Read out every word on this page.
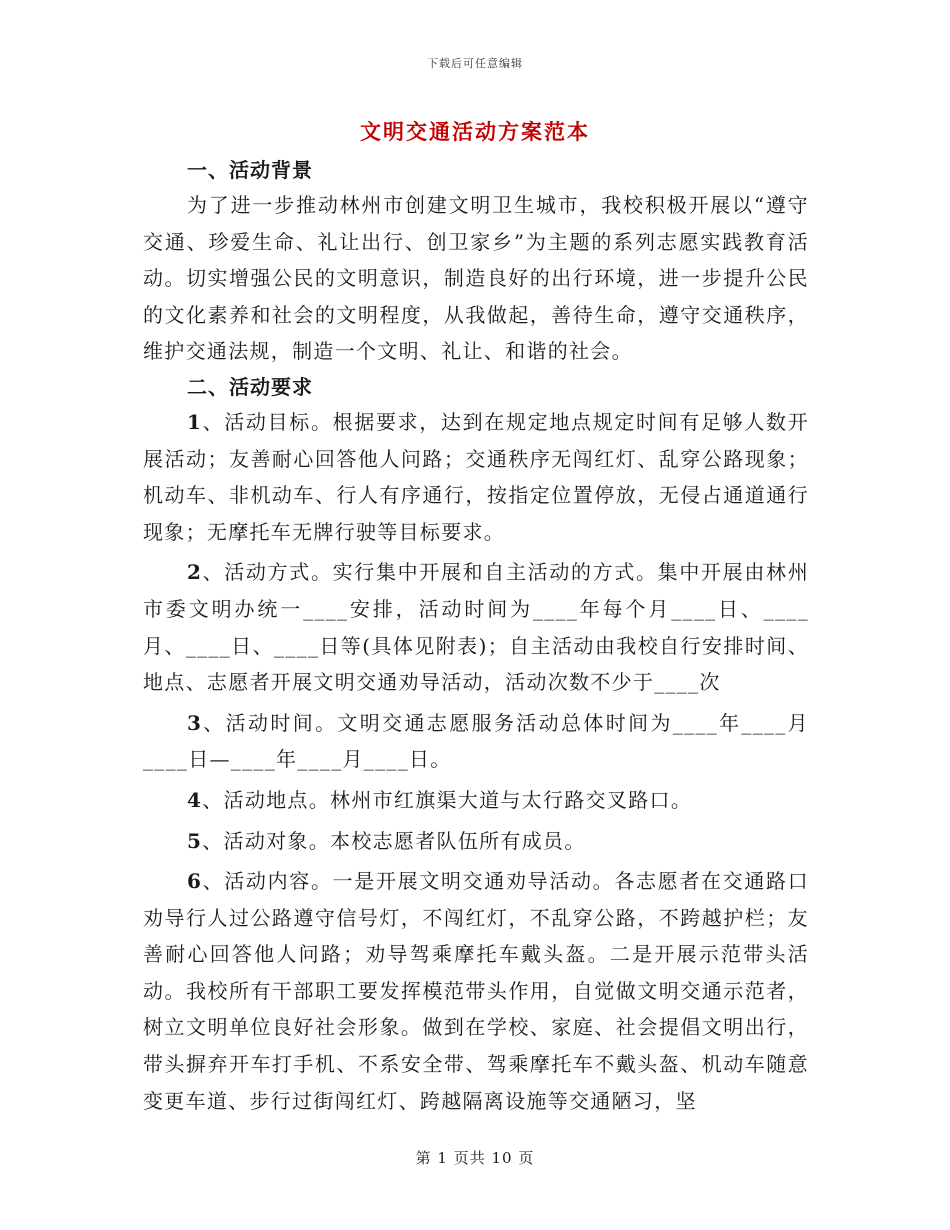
下载后可任意编辑
文明交通活动方案范本
一、活动背景

为了进一步推动林州市创建文明卫生城市，我校积极开展以“遵守交通、珍爱生命、礼让出行、创卫家乡”为主题的系列志愿实践教育活动。切实增强公民的文明意识，制造良好的出行环境，进一步提升公民的文化素养和社会的文明程度，从我做起，善待生命，遵守交通秩序，维护交通法规，制造一个文明、礼让、和谐的社会。

二、活动要求

1、活动目标。根据要求，达到在规定地点规定时间有足够人数开展活动；友善耐心回答他人问路；交通秩序无闯红灯、乱穿公路现象；机动车、非机动车、行人有序通行，按指定位置停放，无侵占通道通行现象；无摩托车无牌行驶等目标要求。

2、活动方式。实行集中开展和自主活动的方式。集中开展由林州市委文明办统一____安排，活动时间为____年每个月____日、____月、____日、____日等(具体见附表)；自主活动由我校自行安排时间、地点、志愿者开展文明交通劝导活动，活动次数不少于____次

3、活动时间。文明交通志愿服务活动总体时间为____年____月____日—____年____月____日。

4、活动地点。林州市红旗渠大道与太行路交叉路口。

5、活动对象。本校志愿者队伍所有成员。

6、活动内容。一是开展文明交通劝导活动。各志愿者在交通路口劝导行人过公路遵守信号灯，不闯红灯，不乱穿公路，不跨越护栏；友善耐心回答他人问路；劝导驾乘摩托车戴头盔。二是开展示范带头活动。我校所有干部职工要发挥模范带头作用，自觉做文明交通示范者，树立文明单位良好社会形象。做到在学校、家庭、社会提倡文明出行，带头摒弃开车打手机、不系安全带、驾乘摩托车不戴头盔、机动车随意变更车道、步行过街闯红灯、跨越隔离设施等交通陋习，坚

第 1 页共 10 页
